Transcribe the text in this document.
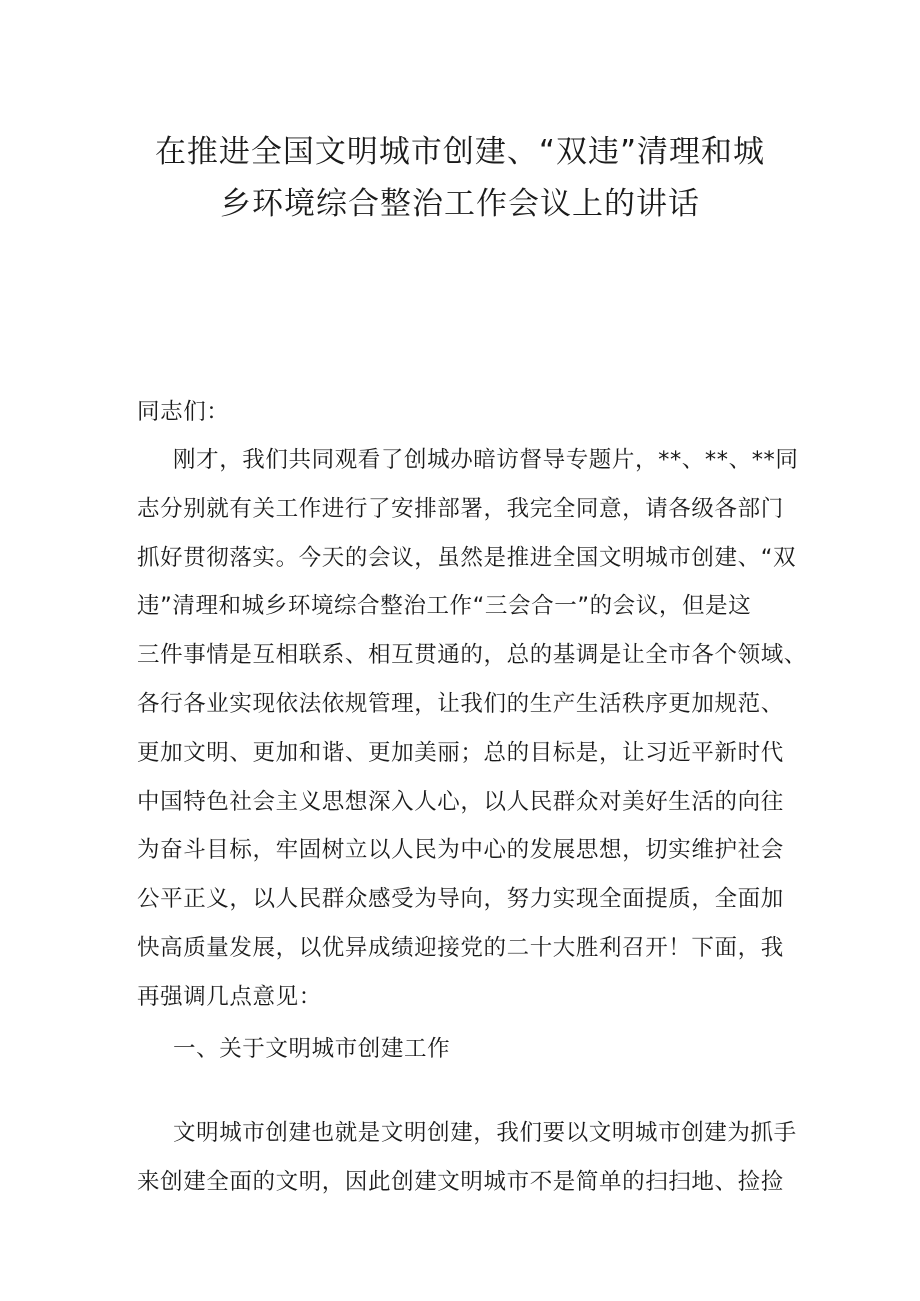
在推进全国文明城市创建、“双违”清理和城
乡环境综合整治工作会议上的讲话
同志们：
刚才，我们共同观看了创城办暗访督导专题片，**、**、**同
志分别就有关工作进行了安排部署，我完全同意，请各级各部门
抓好贯彻落实。今天的会议，虽然是推进全国文明城市创建、“双
违”清理和城乡环境综合整治工作“三会合一”的会议，但是这
三件事情是互相联系、相互贯通的，总的基调是让全市各个领域、
各行各业实现依法依规管理，让我们的生产生活秩序更加规范、
更加文明、更加和谐、更加美丽；总的目标是，让习近平新时代
中国特色社会主义思想深入人心，以人民群众对美好生活的向往
为奋斗目标，牢固树立以人民为中心的发展思想，切实维护社会
公平正义，以人民群众感受为导向，努力实现全面提质，全面加
快高质量发展，以优异成绩迎接党的二十大胜利召开！下面，我
再强调几点意见：
一、关于文明城市创建工作
文明城市创建也就是文明创建，我们要以文明城市创建为抓手
来创建全面的文明，因此创建文明城市不是简单的扫扫地、捡捡
